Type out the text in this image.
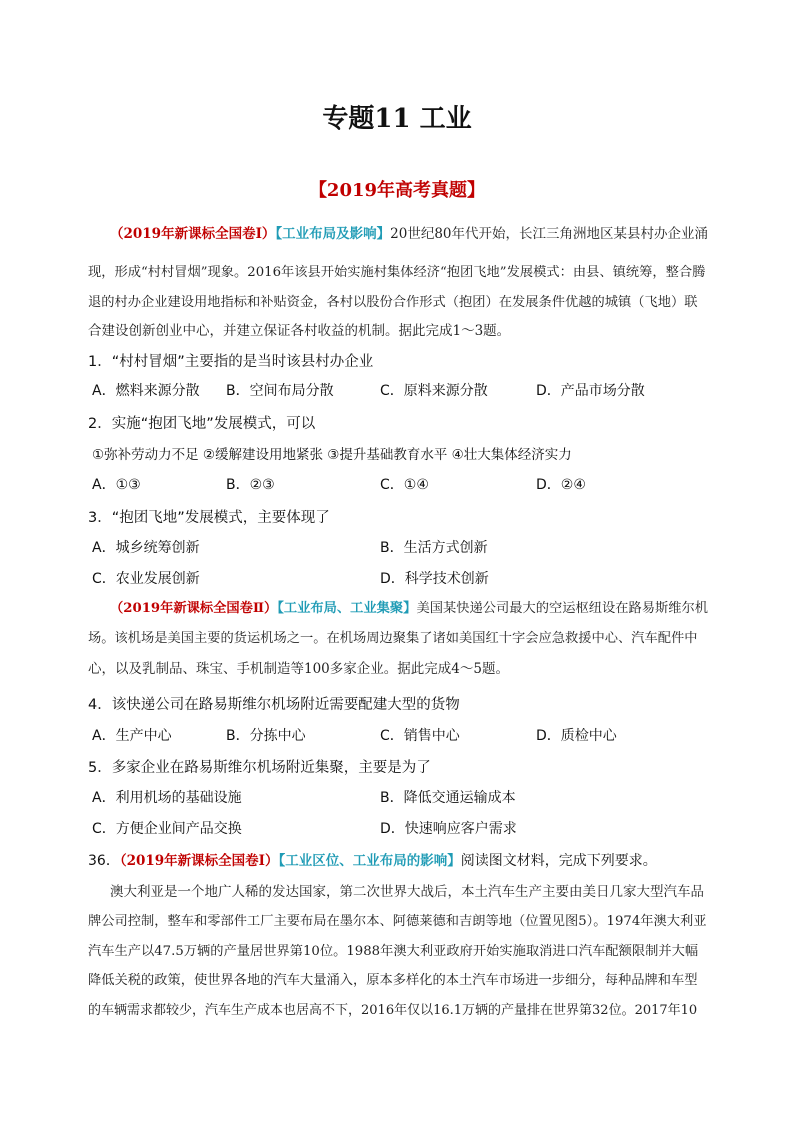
专题11 工业
【2019年高考真题】
（2019年新课标全国卷Ⅰ）【工业布局及影响】20世纪80年代开始，长江三角洲地区某县村办企业涌
现，形成“村村冒烟”现象。2016年该县开始实施村集体经济“抱团飞地”发展模式：由县、镇统筹，整合腾
退的村办企业建设用地指标和补贴资金，各村以股份合作形式（抱团）在发展条件优越的城镇（飞地）联
合建设创新创业中心，并建立保证各村收益的机制。据此完成1～3题。
1．“村村冒烟”主要指的是当时该县村办企业
A．燃料来源分散 B．空间布局分散	C．原料来源分散	D．产品市场分散
2．实施“抱团飞地”发展模式，可以
①弥补劳动力不足 ②缓解建设用地紧张 ③提升基础教育水平 ④壮大集体经济实力
A．①③	B．②③	C．①④	D．②④
3．“抱团飞地”发展模式，主要体现了
A．城乡统筹创新	B．生活方式创新
C．农业发展创新	D．科学技术创新
（2019年新课标全国卷Ⅱ）【工业布局、工业集聚】美国某快递公司最大的空运枢纽设在路易斯维尔机
场。该机场是美国主要的货运机场之一。在机场周边聚集了诸如美国红十字会应急救援中心、汽车配件中
心，以及乳制品、珠宝、手机制造等100多家企业。据此完成4～5题。
4．该快递公司在路易斯维尔机场附近需要配建大型的货物
A．生产中心	B．分拣中心	C．销售中心	D．质检中心
5．多家企业在路易斯维尔机场附近集聚，主要是为了
A．利用机场的基础设施	B．降低交通运输成本
C．方便企业间产品交换	D．快速响应客户需求
36．（2019年新课标全国卷Ⅰ）【工业区位、工业布局的影响】阅读图文材料，完成下列要求。
澳大利亚是一个地广人稀的发达国家，第二次世界大战后，本土汽车生产主要由美日几家大型汽车品
牌公司控制，整车和零部件工厂主要布局在墨尔本、阿德莱德和吉朗等地（位置见图5）。1974年澳大利亚
汽车生产以47.5万辆的产量居世界第10位。1988年澳大利亚政府开始实施取消进口汽车配额限制并大幅
降低关税的政策，使世界各地的汽车大量涌入，原本多样化的本土汽车市场进一步细分，每种品牌和车型
的车辆需求都较少，汽车生产成本也居高不下，2016年仅以16.1万辆的产量排在世界第32位。2017年10
